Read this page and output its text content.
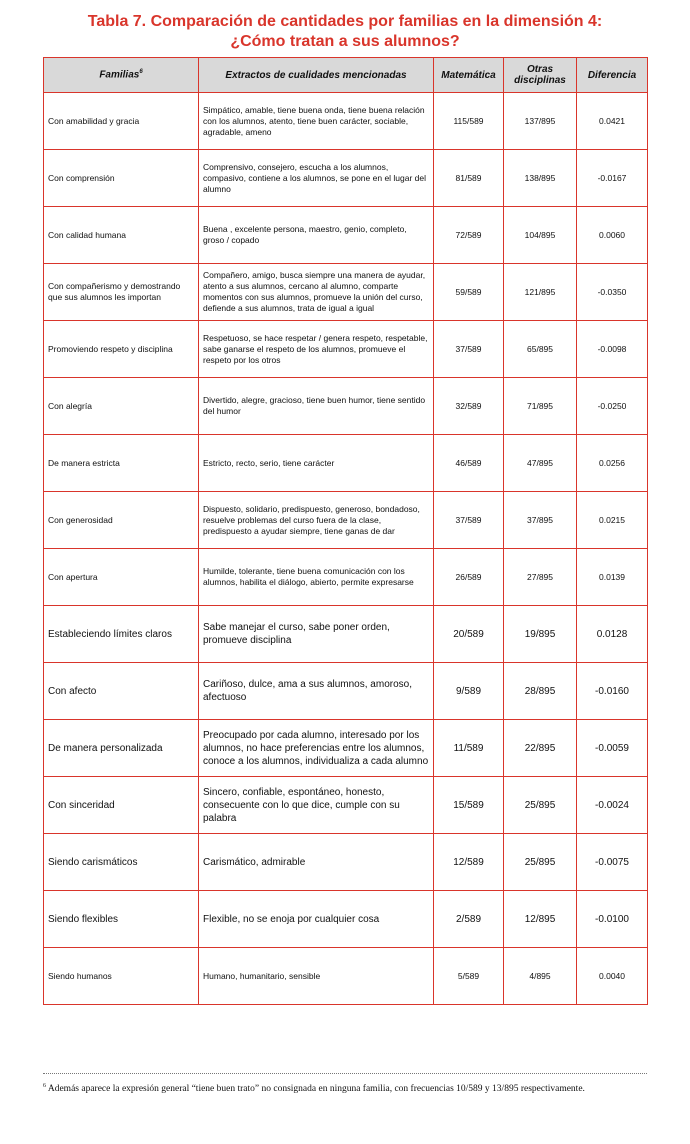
Tabla 7. Comparación de cantidades por familias en la dimensión 4:
¿Cómo tratan a sus alumnos?
Familias$^6$	Extractos de cualidades mencionadas	Matemática	Otras disciplinas	Diferencia
Con amabilidad y gracia	Simpático, amable, tiene buena onda, tiene buena relación con los alumnos, atento, tiene buen carácter, sociable, agradable, ameno	115/589	137/895	0.0421
Con comprensión	Comprensivo, consejero, escucha a los alumnos, compasivo, contiene a los alumnos, se pone en el lugar del alumno	81/589	138/895	-0.0167
Con calidad humana	Buena , excelente persona, maestro, genio, completo, groso / copado	72/589	104/895	0.0060
Con compañerismo y demostrando que sus alumnos les importan	Compañero, amigo, busca siempre una manera de ayudar, atento a sus alumnos, cercano al alumno, comparte momentos con sus alumnos, promueve la unión del curso, defiende a sus alumnos, trata de igual a igual	59/589	121/895	-0.0350
Promoviendo respeto y disciplina	Respetuoso, se hace respetar / genera respeto, respetable, sabe ganarse el respeto de los alumnos, promueve el respeto por los otros	37/589	65/895	-0.0098
Con alegría	Divertido, alegre, gracioso, tiene buen humor, tiene sentido del humor	32/589	71/895	-0.0250
De manera estricta	Estricto, recto, serio, tiene carácter	46/589	47/895	0.0256
Con generosidad	Dispuesto, solidario, predispuesto, generoso, bondadoso, resuelve problemas del curso fuera de la clase, predispuesto a ayudar siempre, tiene ganas de dar	37/589	37/895	0.0215
Con apertura	Humilde, tolerante, tiene buena comunicación con los alumnos, habilita el diálogo, abierto, permite expresarse	26/589	27/895	0.0139
Estableciendo límites claros	Sabe manejar el curso, sabe poner orden, promueve disciplina	20/589	19/895	0.0128
Con afecto	Cariñoso, dulce, ama a sus alumnos, amoroso, afectuoso	9/589	28/895	-0.0160
De manera personalizada	Preocupado por cada alumno, interesado por los alumnos, no hace preferencias entre los alumnos, conoce a los alumnos, individualiza a cada alumno	11/589	22/895	-0.0059
Con sinceridad	Sincero, confiable, espontáneo, honesto, consecuente con lo que dice, cumple con su palabra	15/589	25/895	-0.0024
Siendo carismáticos	Carismático, admirable	12/589	25/895	-0.0075
Siendo flexibles	Flexible, no se enoja por cualquier cosa	2/589	12/895	-0.0100
Siendo humanos	Humano, humanitario, sensible	5/589	4/895	0.0040
$^6$ Además aparece la expresión general “tiene buen trato” no consignada en ninguna familia, con frecuencias 10/589 y 13/895 respectivamente.
